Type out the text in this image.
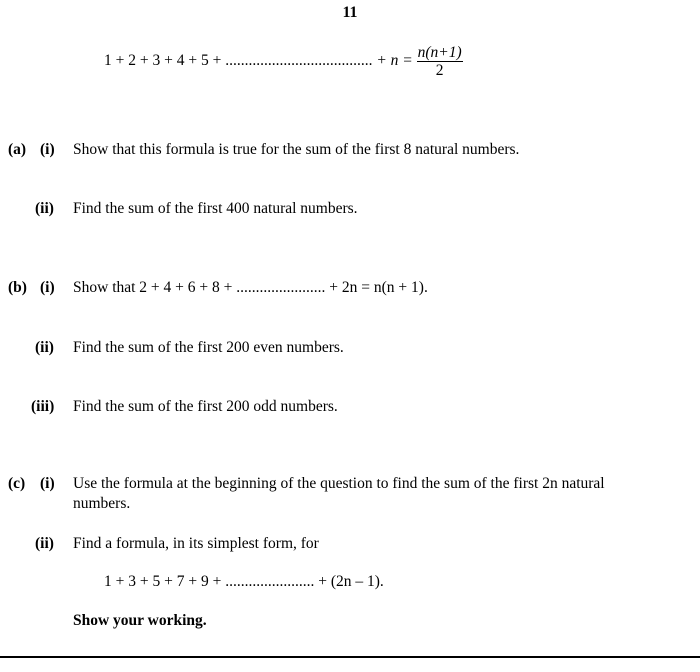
11
1 + 2 + 3 + 4 + 5 + ...................................... + $n = \frac{n(n+1)}{2}$
(a) (i) Show that this formula is true for the sum of the first 8 natural numbers.
(ii) Find the sum of the first 400 natural numbers.
(b) (i) Show that 2 + 4 + 6 + 8 + ....................... + 2n = n(n + 1).
(ii) Find the sum of the first 200 even numbers.
(iii) Find the sum of the first 200 odd numbers.
(c) (i) Use the formula at the beginning of the question to find the sum of the first 2n natural
numbers.
(ii) Find a formula, in its simplest form, for
1 + 3 + 5 + 7 + 9 + ....................... + (2n – 1).
Show your working.
